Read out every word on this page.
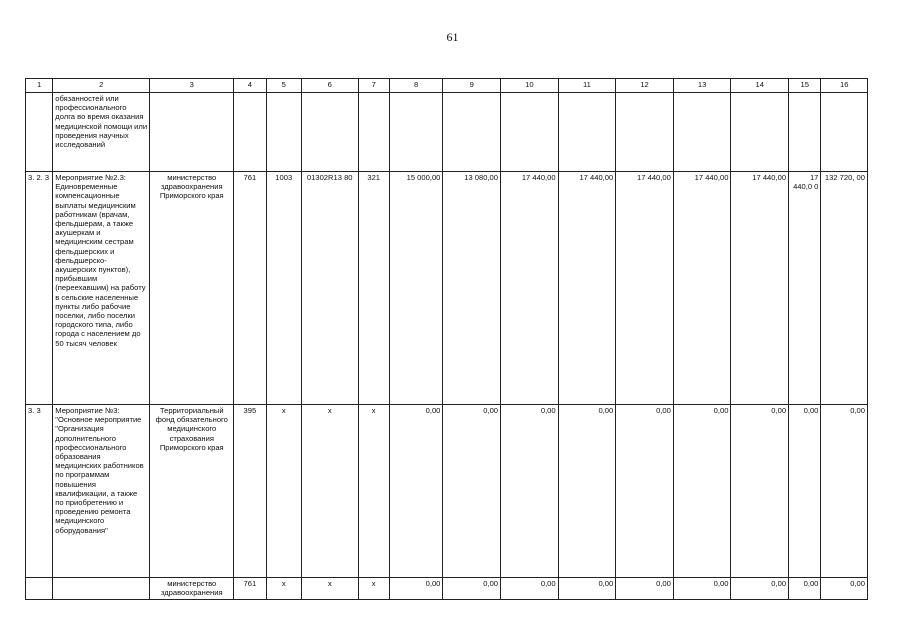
61
1	2	3	4	5	6	7	8	9	10	11	12	13	14	15	16
	обязанностей или профессионального долга во время оказания медицинской помощи или проведения научных исследований														
3. 2. 3	Мероприятие №2.3: Единовременные компенсационные выплаты медицинским работникам (врачам, фельдшерам, а также акушеркам и медицинским сестрам фельдшерских и фельдшерско-акушерских пунктов), прибывшим (переехавшим) на работу в сельские населенные пункты либо рабочие поселки, либо поселки городского типа, либо города с населением до 50 тысяч человек	министерство здравоохранения Приморского края	761	1003	01302R13 80	321	15 000,00	13 080,00	17 440,00	17 440,00	17 440,00	17 440,00	17 440,00	17 440,0 0	132 720, 00
3. 3	Мероприятие №3: "Основное мероприятие "Организация дополнительного профессионального образования медицинских работников по программам повышения квалификации, а также по приобретению и проведению ремонта медицинского оборудования"	Территориальный фонд обязательного медицинского страхования Приморского края	395	x	x	x	0,00	0,00	0,00	0,00	0,00	0,00	0,00	0,00	0,00
		министерство здравоохранения	761	x	x	x	0,00	0,00	0,00	0,00	0,00	0,00	0,00	0,00	0,00
